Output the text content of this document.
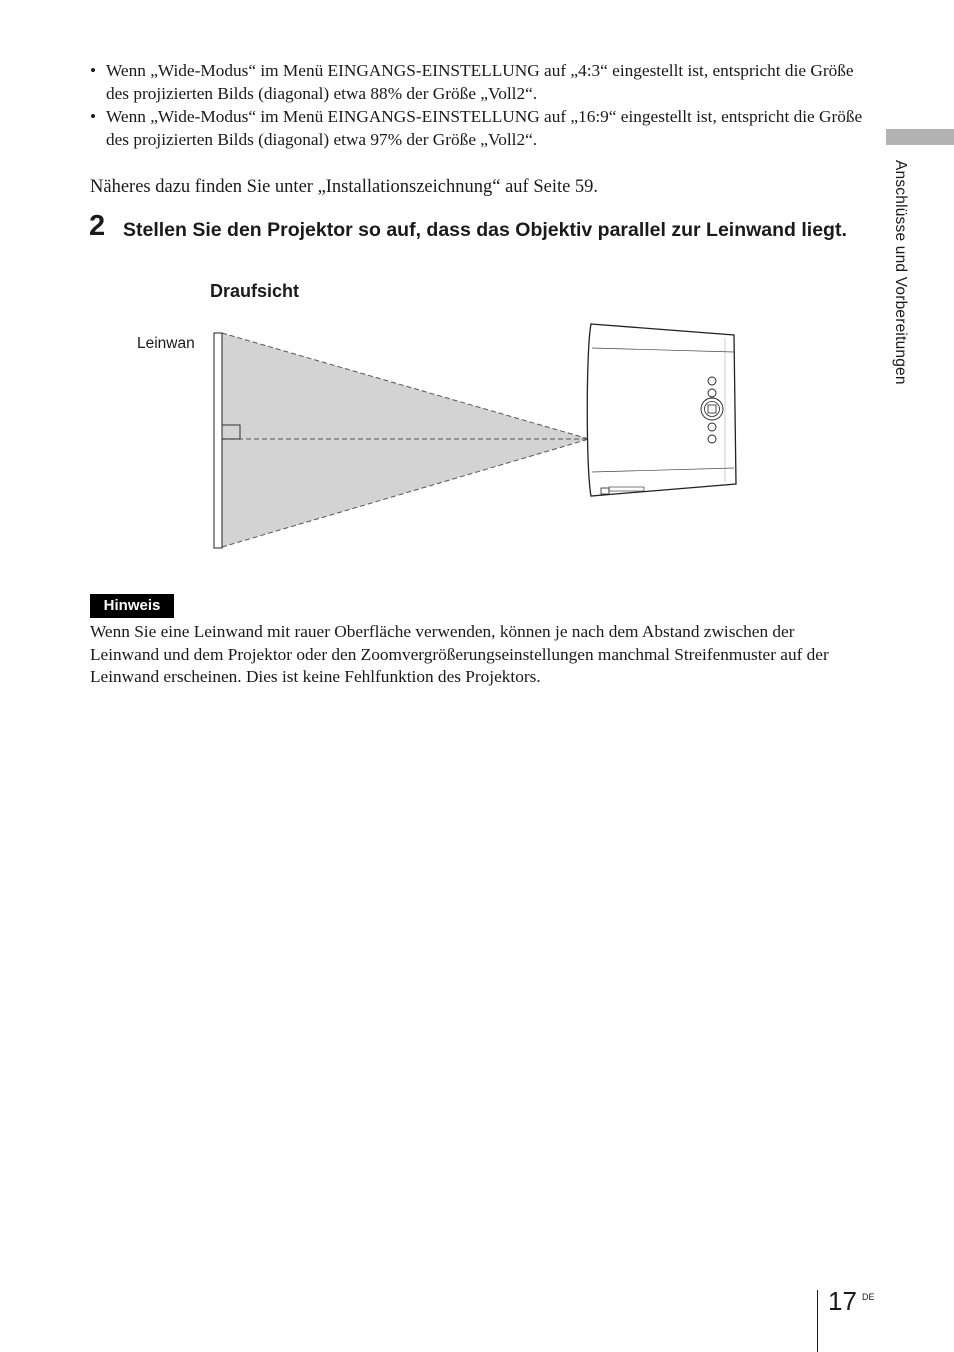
• Wenn „Wide-Modus“ im Menü EINGANGS-EINSTELLUNG auf „4:3“ eingestellt ist, entspricht die Größe des projizierten Bilds (diagonal) etwa 88% der Größe „Voll2“.
• Wenn „Wide-Modus“ im Menü EINGANGS-EINSTELLUNG auf „16:9“ eingestellt ist, entspricht die Größe des projizierten Bilds (diagonal) etwa 97% der Größe „Voll2“.
Näheres dazu finden Sie unter „Installationszeichnung“ auf Seite 59.
2 Stellen Sie den Projektor so auf, dass das Objektiv parallel zur Leinwand liegt.
Draufsicht
Leinwan
Hinweis
Wenn Sie eine Leinwand mit rauer Oberfläche verwenden, können je nach dem Abstand zwischen der Leinwand und dem Projektor oder den Zoomvergrößerungseinstellungen manchmal Streifenmuster auf der Leinwand erscheinen. Dies ist keine Fehlfunktion des Projektors.
Anschlüsse und Vorbereitungen
17 DE
